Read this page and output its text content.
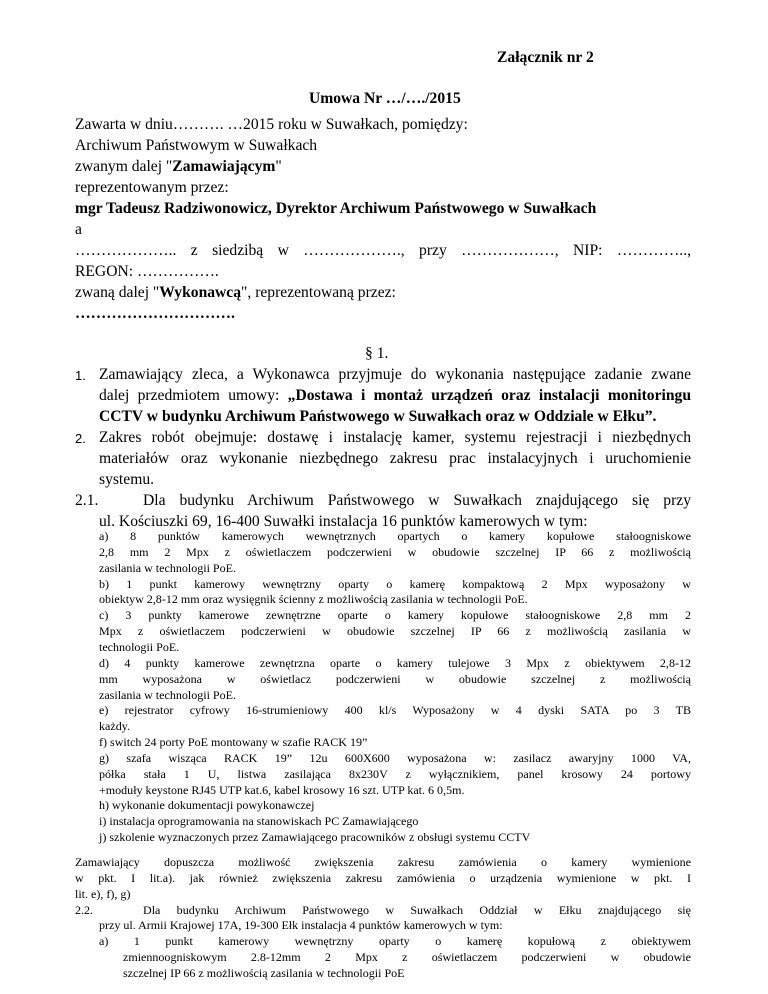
Załącznik nr 2
Umowa Nr …/…./2015
Zawarta w dniu………. …2015 roku w Suwałkach, pomiędzy:
Archiwum Państwowym w Suwałkach
zwanym dalej "Zamawiającym"
reprezentowanym przez:
mgr Tadeusz Radziwonowicz, Dyrektor Archiwum Państwowego w Suwałkach
a
……………….. z siedzibą w ………………., przy ………………, NIP: …………..,
REGON: …………….
zwaną dalej "Wykonawcą", reprezentowaną przez:
………………………….
§ 1.
1. Zamawiający zleca, a Wykonawca przyjmuje do wykonania następujące zadanie zwane
dalej przedmiotem umowy: „Dostawa i montaż urządzeń oraz instalacji monitoringu
CCTV w budynku Archiwum Państwowego w Suwałkach oraz w Oddziale w Ełku”.
2. Zakres robót obejmuje: dostawę i instalację kamer, systemu rejestracji i niezbędnych
materiałów oraz wykonanie niezbędnego zakresu prac instalacyjnych i uruchomienie
systemu.
2.1.	Dla budynku Archiwum Państwowego w Suwałkach znajdującego się przy
ul. Kościuszki 69, 16-400 Suwałki instalacja 16 punktów kamerowych w tym:
a) 8 punktów kamerowych wewnętrznych opartych o kamery kopułowe stałoogniskowe
2,8 mm 2 Mpx z oświetlaczem podczerwieni w obudowie szczelnej IP 66 z możliwością
zasilania w technologii PoE.
b) 1 punkt kamerowy wewnętrzny oparty o kamerę kompaktową 2 Mpx wyposażony w
obiektyw 2,8-12 mm oraz wysięgnik ścienny z możliwością zasilania w technologii PoE.
c) 3 punkty kamerowe zewnętrzne oparte o kamery kopułowe stałoogniskowe 2,8 mm 2
Mpx z oświetlaczem podczerwieni w obudowie szczelnej IP 66 z możliwością zasilania w
technologii PoE.
d) 4 punkty kamerowe zewnętrzna oparte o kamery tulejowe 3 Mpx z obiektywem 2,8-12
mm wyposażona w oświetlacz podczerwieni w obudowie szczelnej z możliwością
zasilania w technologii PoE.
e) rejestrator cyfrowy 16-strumieniowy 400 kl/s Wyposażony w 4 dyski SATA po 3 TB
każdy.
f) switch 24 porty PoE montowany w szafie RACK 19”
g) szafa wisząca RACK 19” 12u 600X600 wyposażona w: zasilacz awaryjny 1000 VA,
półka stała 1 U, listwa zasilająca 8x230V z wyłącznikiem, panel krosowy 24 portowy
+moduły keystone RJ45 UTP kat.6, kabel krosowy 16 szt. UTP kat. 6 0,5m.
h) wykonanie dokumentacji powykonawczej
i) instalacja oprogramowania na stanowiskach PC Zamawiającego
j) szkolenie wyznaczonych przez Zamawiającego pracowników z obsługi systemu CCTV
Zamawiający dopuszcza możliwość zwiększenia zakresu zamówienia o kamery wymienione
w pkt. I lit.a). jak również zwiększenia zakresu zamówienia o urządzenia wymienione w pkt. I
lit. e), f), g)
2.2.	Dla budynku Archiwum Państwowego w Suwałkach Oddział w Ełku znajdującego się
przy ul. Armii Krajowej 17A, 19-300 Ełk instalacja 4 punktów kamerowych w tym:
a) 1 punkt kamerowy wewnętrzny oparty o kamerę kopułową z obiektywem
zmiennoogniskowym 2.8-12mm 2 Mpx z oświetlaczem podczerwieni w obudowie
szczelnej IP 66 z możliwością zasilania w technologii PoE
